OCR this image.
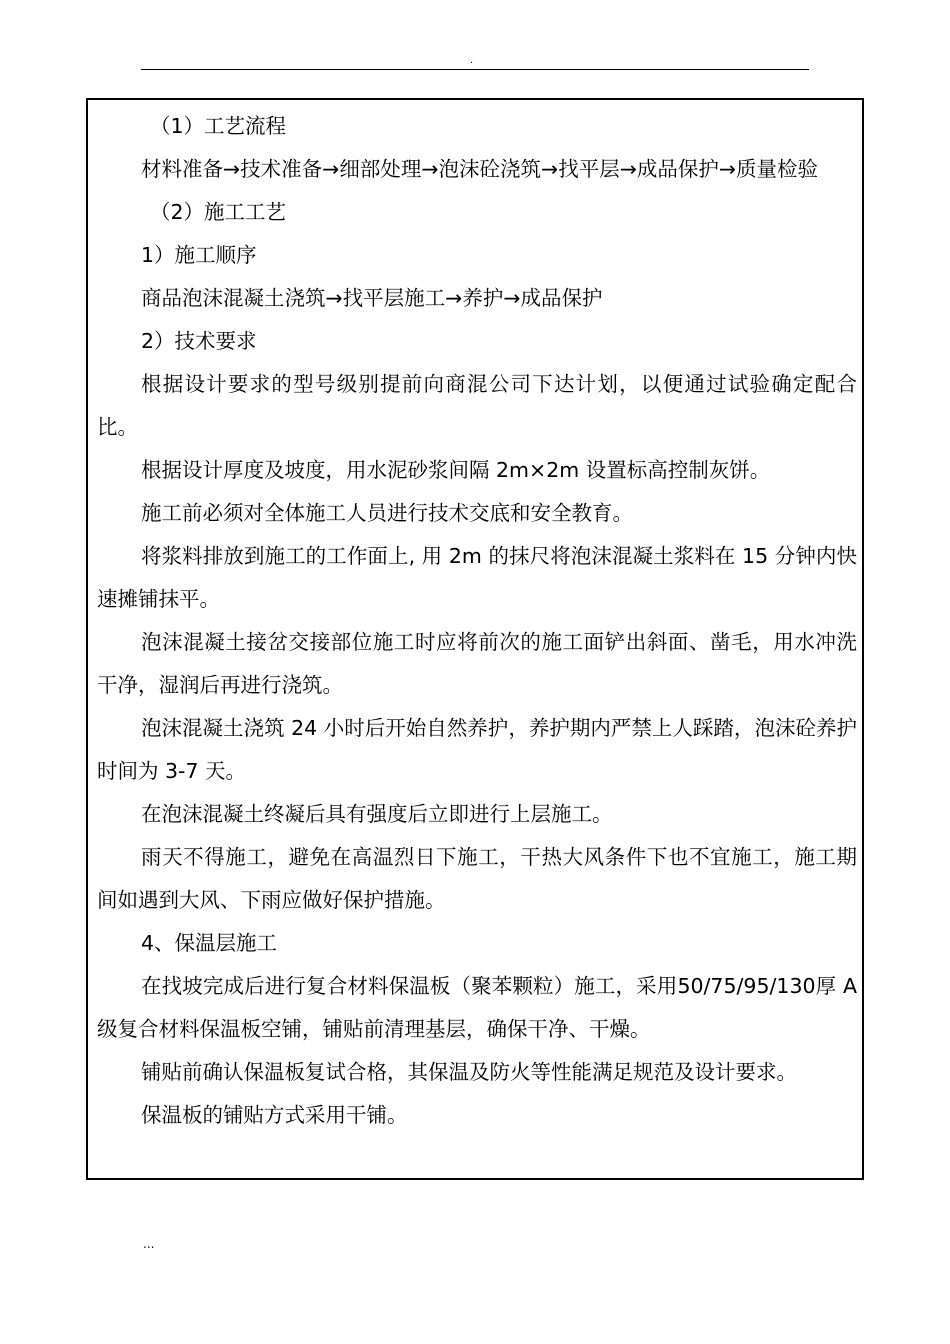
.

（1）工艺流程

材料准备→技术准备→细部处理→泡沫砼浇筑→找平层→成品保护→质量检验

（2）施工工艺

1）施工顺序

商品泡沫混凝土浇筑→找平层施工→养护→成品保护

2）技术要求

根据设计要求的型号级别提前向商混公司下达计划，以便通过试验确定配合比。

根据设计厚度及坡度，用水泥砂浆间隔 2m×2m 设置标高控制灰饼。

施工前必须对全体施工人员进行技术交底和安全教育。

将浆料排放到施工的工作面上, 用 2m 的抹尺将泡沫混凝土浆料在 15 分钟内快速摊铺抹平。

泡沫混凝土接岔交接部位施工时应将前次的施工面铲出斜面、凿毛，用水冲洗干净，湿润后再进行浇筑。

泡沫混凝土浇筑 24 小时后开始自然养护，养护期内严禁上人踩踏，泡沫砼养护时间为 3-7 天。

在泡沫混凝土终凝后具有强度后立即进行上层施工。

雨天不得施工，避免在高温烈日下施工，干热大风条件下也不宜施工，施工期间如遇到大风、下雨应做好保护措施。

4、保温层施工

在找坡完成后进行复合材料保温板（聚苯颗粒）施工，采用50/75/95/130厚 A 级复合材料保温板空铺，铺贴前清理基层，确保干净、干燥。

铺贴前确认保温板复试合格，其保温及防火等性能满足规范及设计要求。

保温板的铺贴方式采用干铺。

...
